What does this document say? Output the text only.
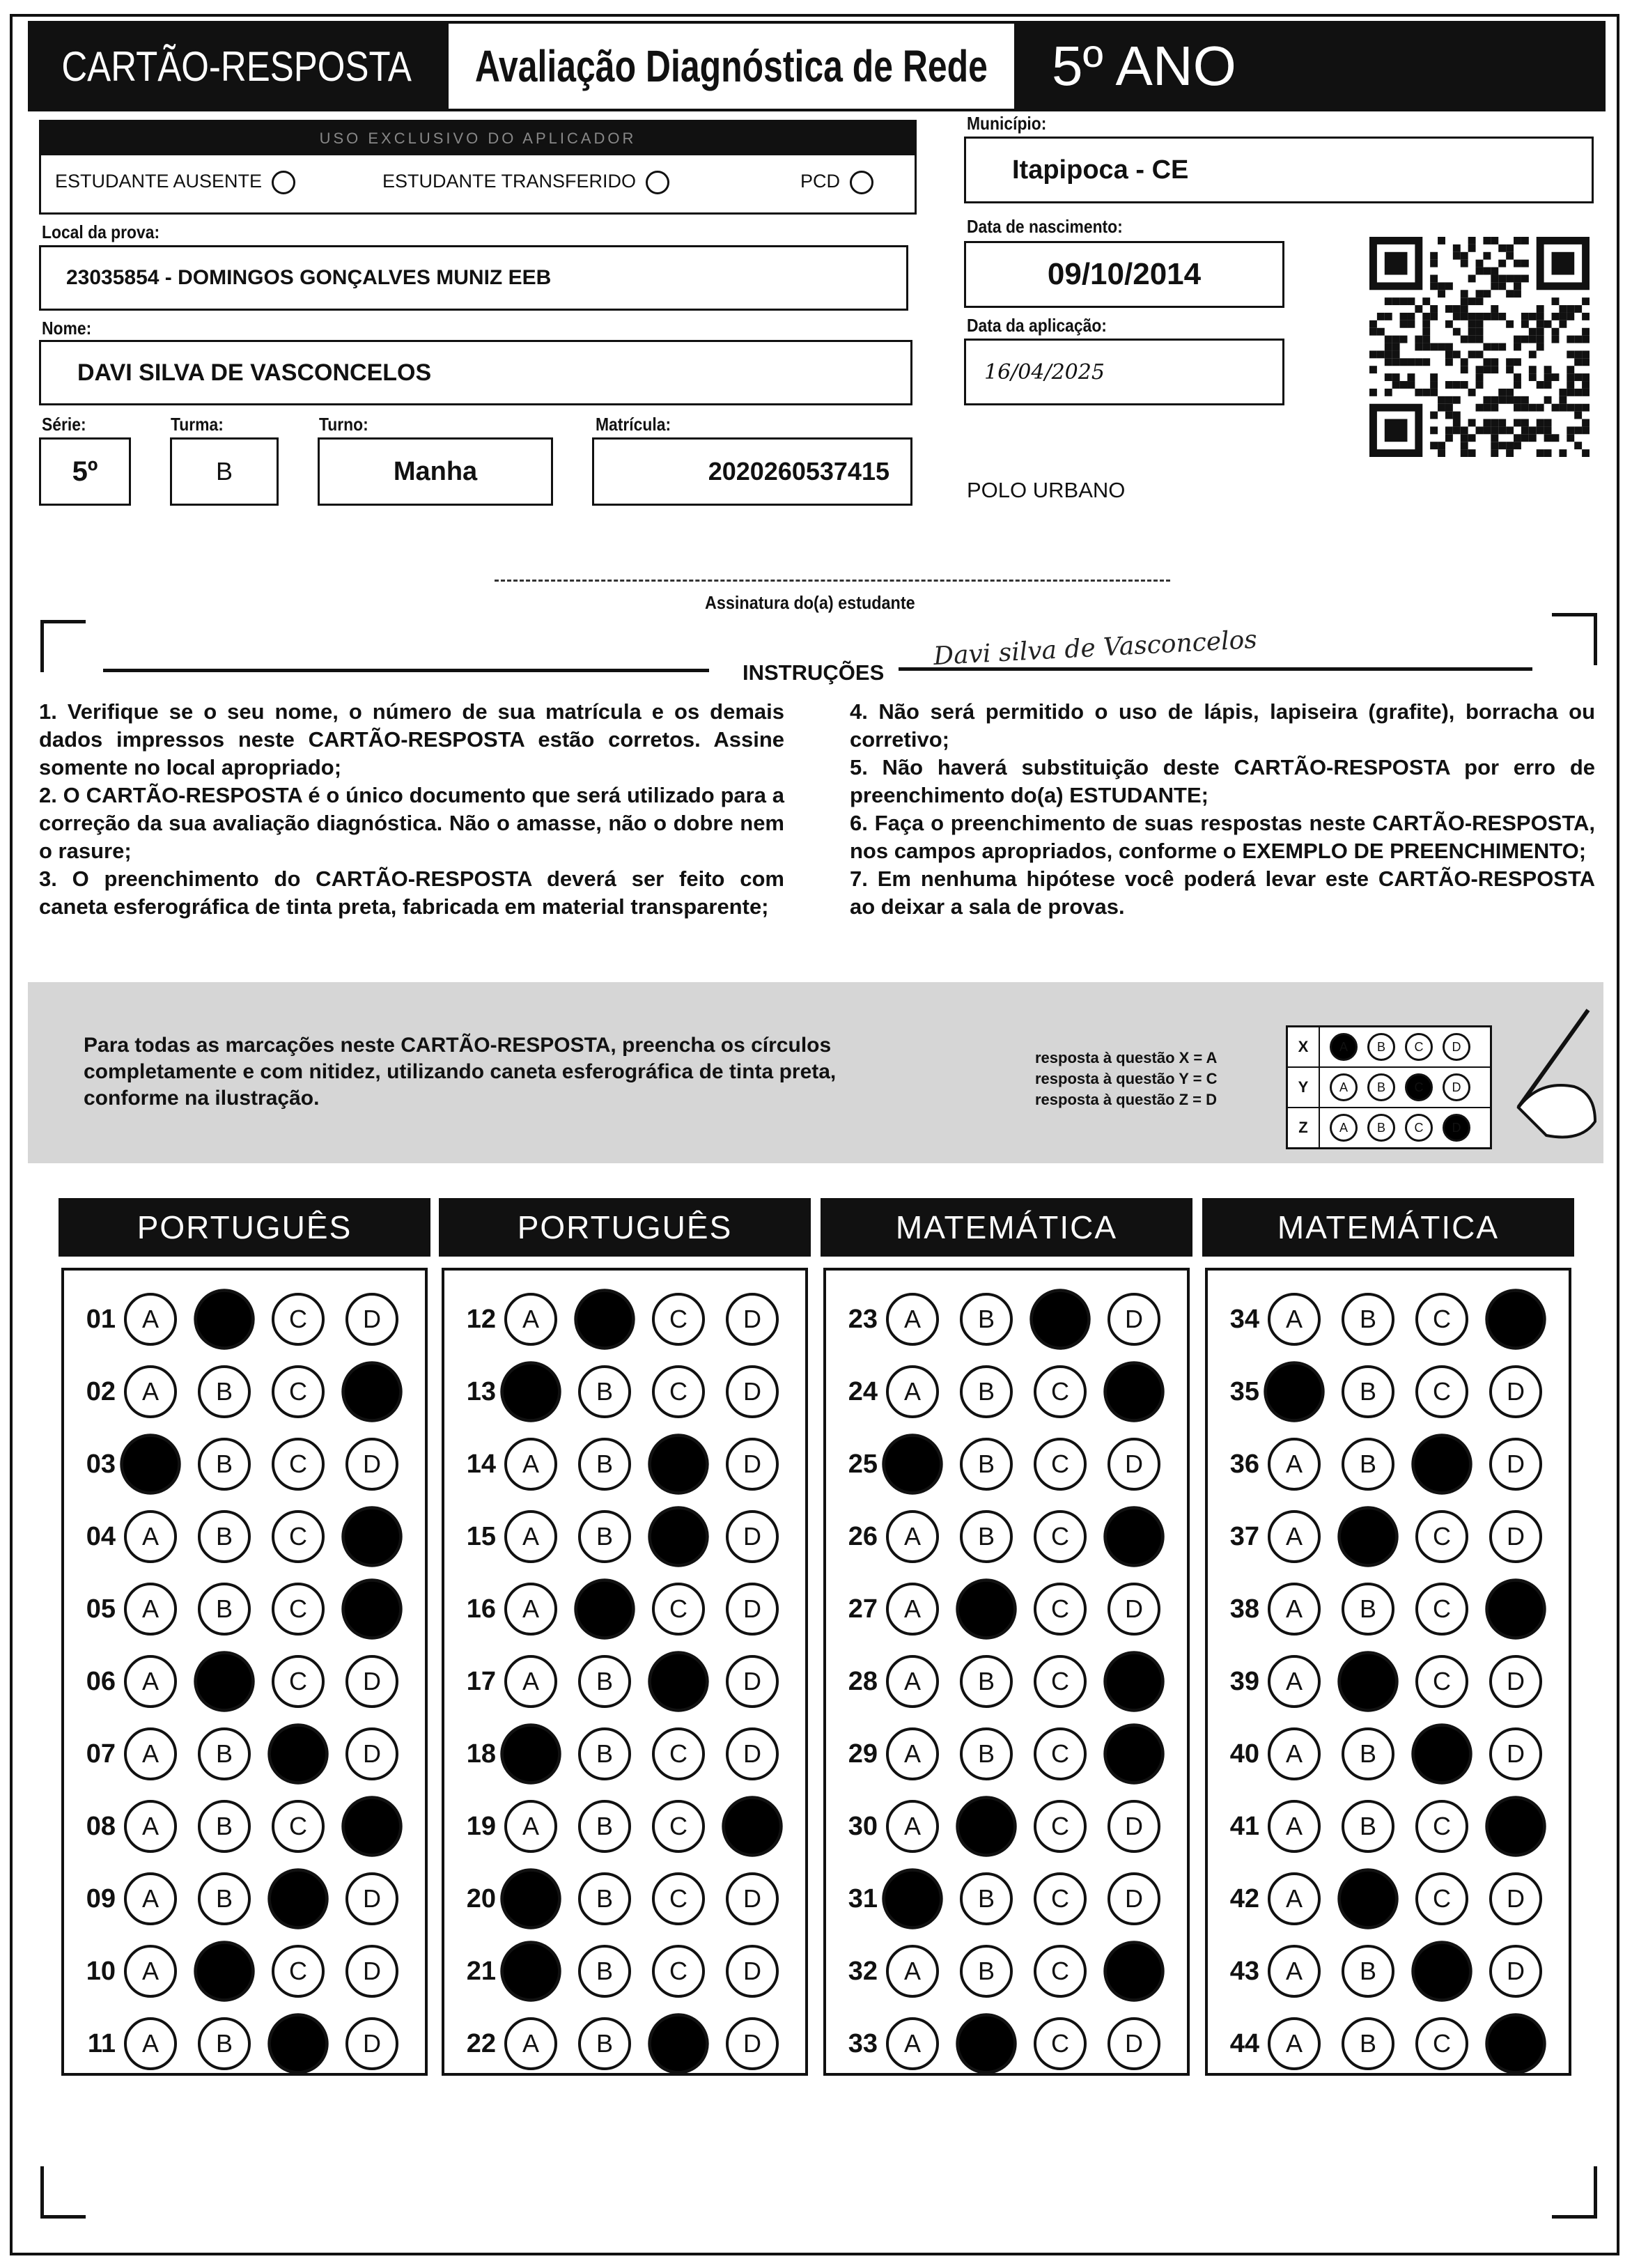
CARTÃO-RESPOSTA Avaliação Diagnóstica de Rede 5º ANO
USO EXCLUSIVO DO APLICADOR
ESTUDANTE AUSENTE	ESTUDANTE TRANSFERIDO	PCD
Local da prova:
23035854 - DOMINGOS GONÇALVES MUNIZ EEB
Nome:
DAVI SILVA DE VASCONCELOS
Série:	Turma:	Turno:	Matrícula:
5º	B	Manha	2020260537415
Município:
Itapipoca - CE
Data de nascimento:
09/10/2014
Data da aplicação:
16/04/2025
POLO URBANO
Assinatura do(a) estudante
INSTRUÇÕES
Davi silva de Vasconcelos

1. Verifique se o seu nome, o número de sua matrícula e os demais dados impressos neste CARTÃO-RESPOSTA estão corretos. Assine somente no local apropriado;

2. O CARTÃO-RESPOSTA é o único documento que será utilizado para a correção da sua avaliação diagnóstica. Não o amasse, não o dobre nem o rasure;

3. O preenchimento do CARTÃO-RESPOSTA deverá ser feito com caneta esferográfica de tinta preta, fabricada em material transparente;

4. Não será permitido o uso de lápis, lapiseira (grafite), borracha ou corretivo;

5. Não haverá substituição deste CARTÃO-RESPOSTA por erro de preenchimento do(a) ESTUDANTE;

6. Faça o preenchimento de suas respostas neste CARTÃO-RESPOSTA, nos campos apropriados, conforme o EXEMPLO DE PREENCHIMENTO;

7. Em nenhuma hipótese você poderá levar este CARTÃO-RESPOSTA ao deixar a sala de provas.

Para todas as marcações neste CARTÃO-RESPOSTA, preencha os círculos completamente e com nitidez, utilizando caneta esferográfica de tinta preta, conforme na ilustração.
resposta à questão X = A
resposta à questão Y = C
resposta à questão Z = D
X	A	B	C	D
Y	A	B	C	D
Z	A	B	C	D
PORTUGUÊS
01	A	B	C	D
02	A	B	C	D
03	A	B	C	D
04	A	B	C	D
05	A	B	C	D
06	A	B	C	D
07	A	B	C	D
08	A	B	C	D
09	A	B	C	D
10	A	B	C	D
11	A	B	C	D
PORTUGUÊS
12	A	B	C	D
13	A	B	C	D
14	A	B	C	D
15	A	B	C	D
16	A	B	C	D
17	A	B	C	D
18	A	B	C	D
19	A	B	C	D
20	A	B	C	D
21	A	B	C	D
22	A	B	C	D
MATEMÁTICA
23	A	B	C	D
24	A	B	C	D
25	A	B	C	D
26	A	B	C	D
27	A	B	C	D
28	A	B	C	D
29	A	B	C	D
30	A	B	C	D
31	A	B	C	D
32	A	B	C	D
33	A	B	C	D
MATEMÁTICA
34	A	B	C	D
35	A	B	C	D
36	A	B	C	D
37	A	B	C	D
38	A	B	C	D
39	A	B	C	D
40	A	B	C	D
41	A	B	C	D
42	A	B	C	D
43	A	B	C	D
44	A	B	C	D
